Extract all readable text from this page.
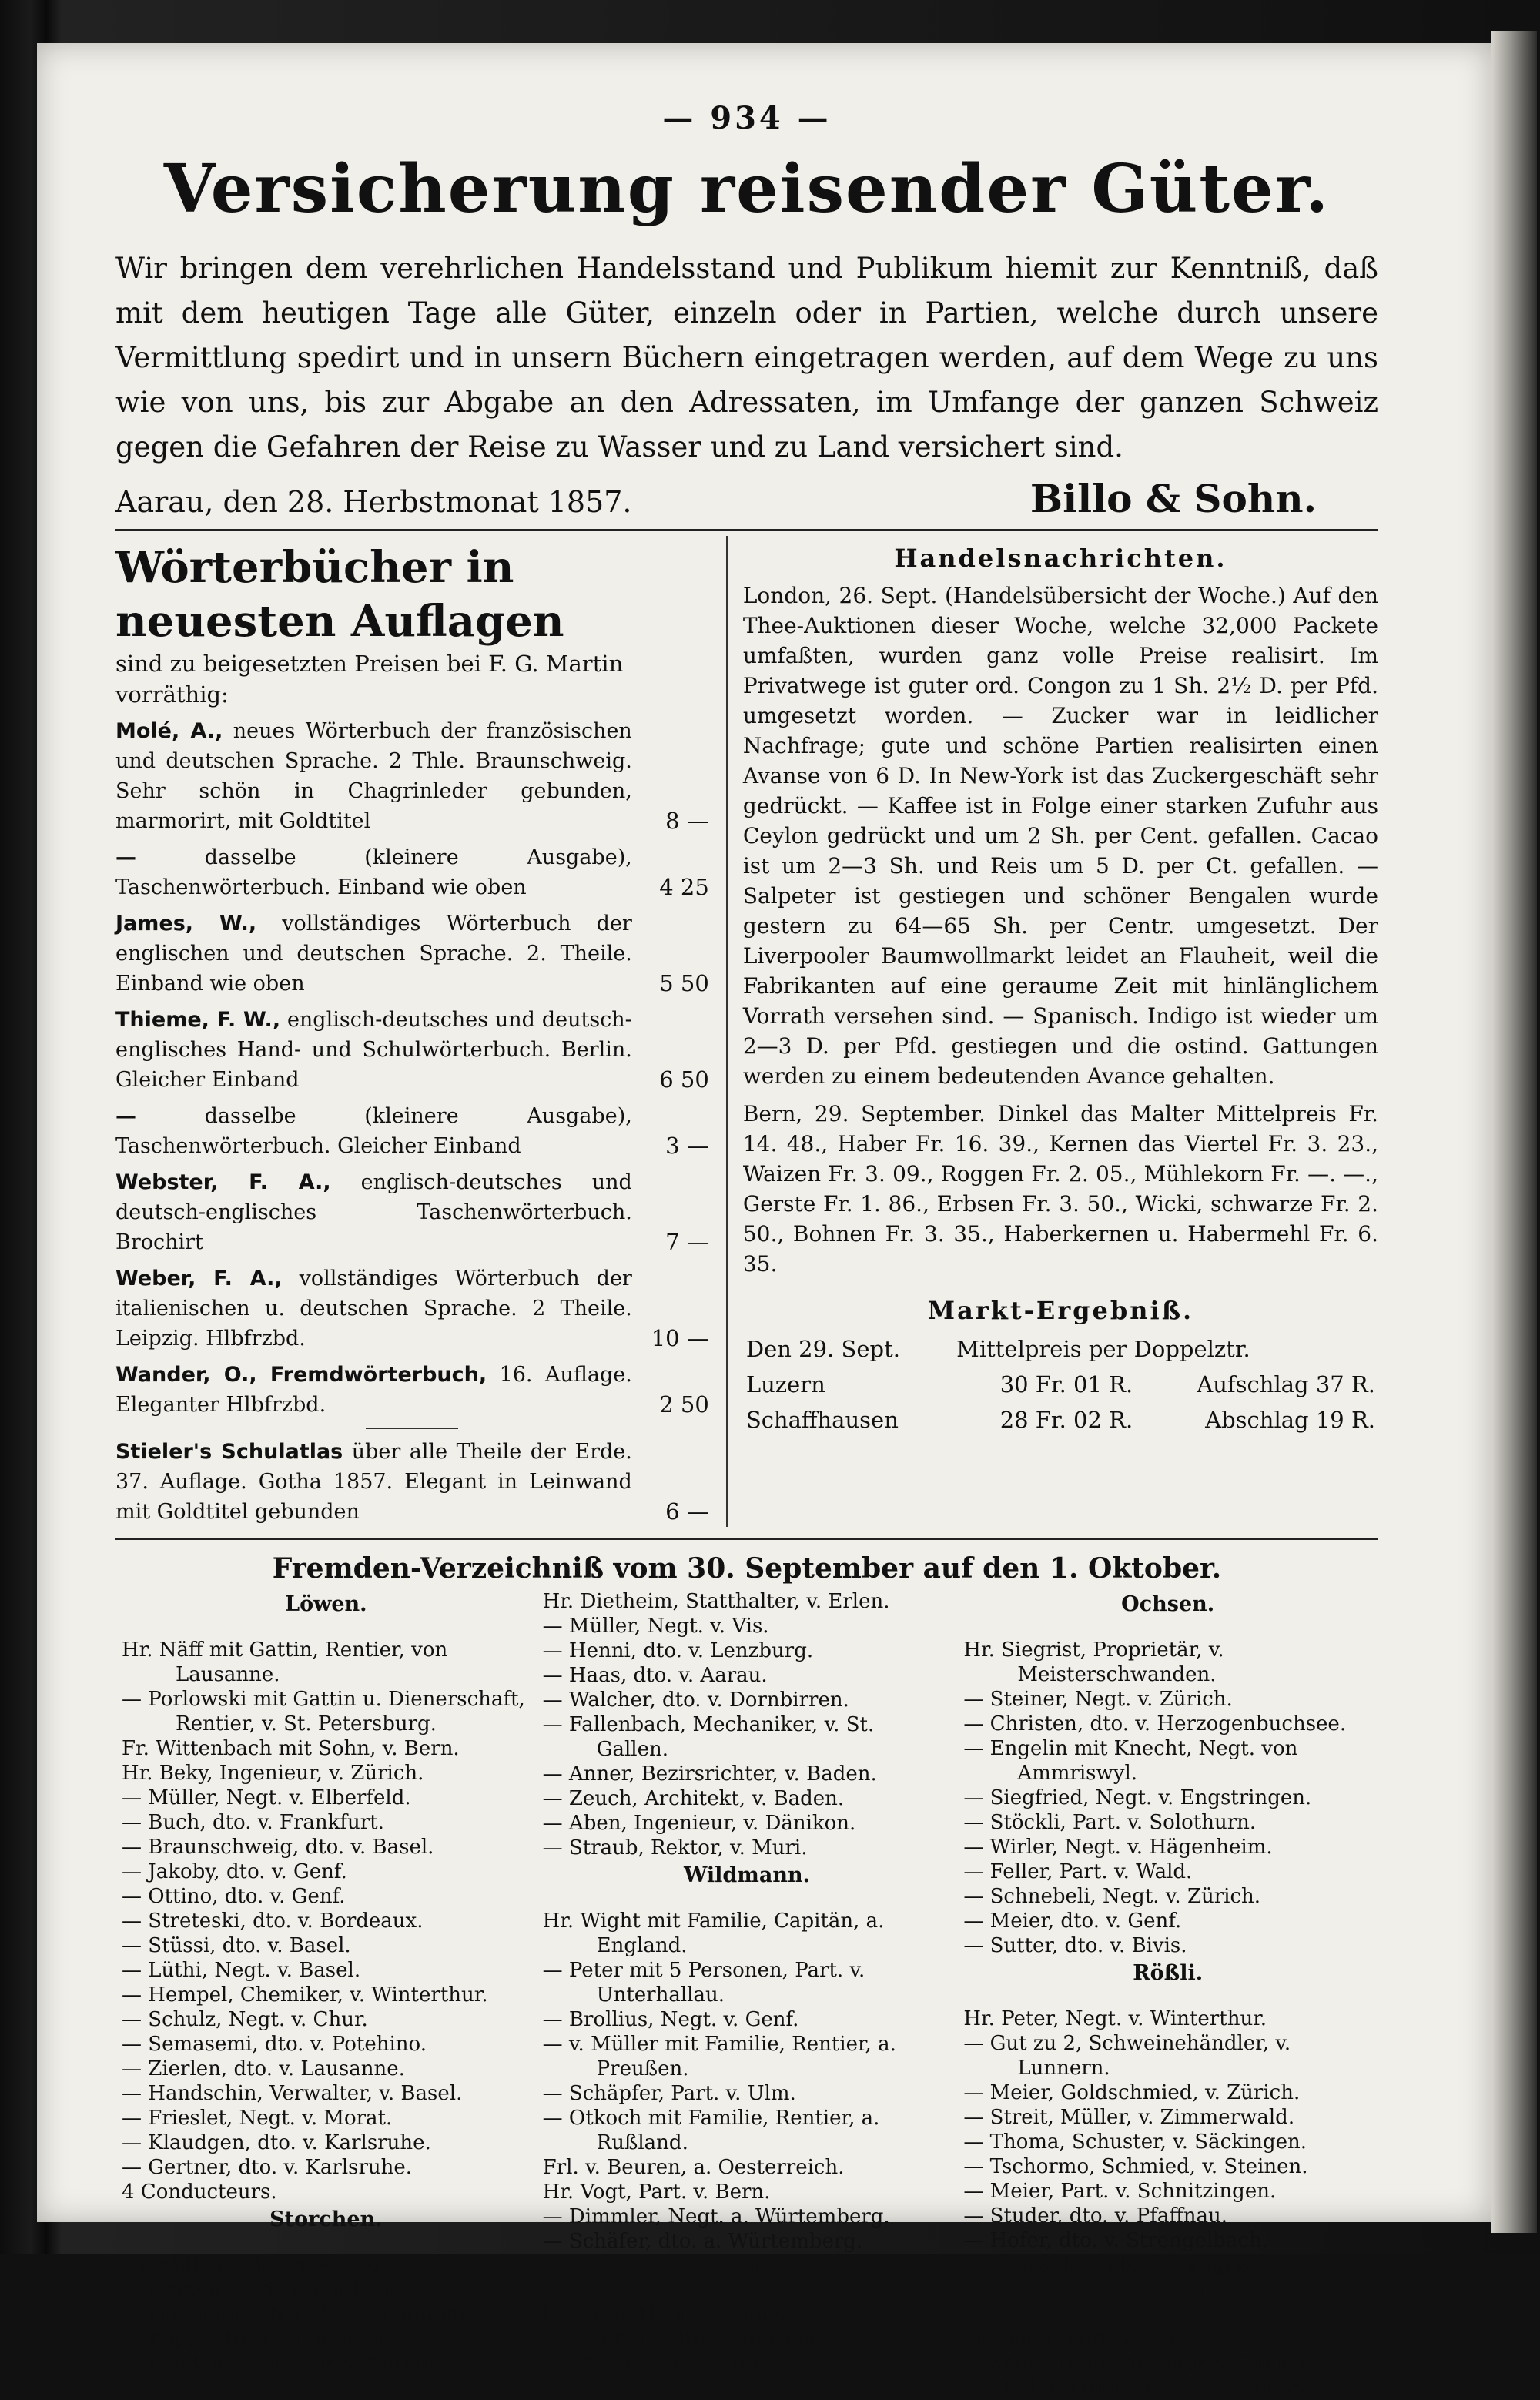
— 934 —
Versicherung reisender Güter.
Wir bringen dem verehrlichen Handelsstand und Publikum hiemit zur Kenntniß, daß mit dem heutigen Tage alle Güter, einzeln oder in Partien, welche durch unsere Vermittlung spedirt und in unsern Büchern eingetragen werden, auf dem Wege zu uns wie von uns, bis zur Abgabe an den Adressaten, im Umfange der ganzen Schweiz gegen die Gefahren der Reise zu Wasser und zu Land versichert sind.
Aarau, den 28. Herbstmonat 1857.	Billo & Sohn.
Wörterbücher in neuesten Auflagen
sind zu beigesetzten Preisen bei F. G. Martin vorräthig:
Molé, A., neues Wörterbuch der französischen und deutschen Sprache. 2 Thle. Braunschweig. Sehr schön in Chagrinleder gebunden, marmorirt, mit Goldtitel	8 —
—	dasselbe (kleinere Ausgabe), Taschenwörterbuch. Einband wie oben	4 25
James, W., vollständiges Wörterbuch der englischen und deutschen Sprache. 2. Theile. Einband wie oben	5 50
Thieme, F. W., englisch-deutsches und deutsch-englisches Hand- und Schulwörterbuch. Berlin. Gleicher Einband	6 50
—	dasselbe (kleinere Ausgabe), Taschenwörterbuch. Gleicher Einband	3 —
Webster, F. A., englisch-deutsches und deutsch-englisches Taschenwörterbuch. Brochirt	7 —
Weber, F. A., vollständiges Wörterbuch der italienischen u. deutschen Sprache. 2 Theile. Leipzig. Hlbfrzbd.	10 —
Wander, O., Fremdwörterbuch, 16. Auflage. Eleganter Hlbfrzbd.	2 50
Stieler's Schulatlas über alle Theile der Erde. 37. Auflage. Gotha 1857. Elegant in Leinwand mit Goldtitel gebunden	6 —
Handelsnachrichten.
London, 26. Sept. (Handelsübersicht der Woche.) Auf den Thee-Auktionen dieser Woche, welche 32,000 Packete umfaßten, wurden ganz volle Preise realisirt. Im Privatwege ist guter ord. Congon zu 1 Sh. 2½ D. per Pfd. umgesetzt worden. — Zucker war in leidlicher Nachfrage; gute und schöne Partien realisirten einen Avanse von 6 D. In New-York ist das Zuckergeschäft sehr gedrückt. — Kaffee ist in Folge einer starken Zufuhr aus Ceylon gedrückt und um 2 Sh. per Cent. gefallen. Cacao ist um 2—3 Sh. und Reis um 5 D. per Ct. gefallen. — Salpeter ist gestiegen und schöner Bengalen wurde gestern zu 64—65 Sh. per Centr. umgesetzt. Der Liverpooler Baumwollmarkt leidet an Flauheit, weil die Fabrikanten auf eine geraume Zeit mit hinlänglichem Vorrath versehen sind. — Spanisch. Indigo ist wieder um 2—3 D. per Pfd. gestiegen und die ostind. Gattungen werden zu einem bedeutenden Avance gehalten.
Bern, 29. September. Dinkel das Malter Mittelpreis Fr. 14. 48., Haber Fr. 16. 39., Kernen das Viertel Fr. 3. 23., Waizen Fr. 3. 09., Roggen Fr. 2. 05., Mühlekorn Fr. —. —., Gerste Fr. 1. 86., Erbsen Fr. 3. 50., Wicki, schwarze Fr. 2. 50., Bohnen Fr. 3. 35., Haberkernen u. Habermehl Fr. 6. 35.
Markt-Ergebniß.
Den 29. Sept.	Mittelpreis per Doppelztr.	
Luzern	30 Fr. 01 R.	Aufschlag 37 R.
Schaffhausen	28 Fr. 02 R.	Abschlag 19 R.
Fremden-Verzeichniß vom 30. September auf den 1. Oktober.

Löwen.

Hr. Näff mit Gattin, Rentier, von Lausanne.

— Porlowski mit Gattin u. Dienerschaft, Rentier, v. St. Petersburg.

Fr. Wittenbach mit Sohn, v. Bern.

Hr. Beky, Ingenieur, v. Zürich.

— Müller, Negt. v. Elberfeld.

— Buch, dto. v. Frankfurt.

— Braunschweig, dto. v. Basel.

— Jakoby, dto. v. Genf.

— Ottino, dto. v. Genf.

— Streteski, dto. v. Bordeaux.

— Stüssi, dto. v. Basel.

— Lüthi, Negt. v. Basel.

— Hempel, Chemiker, v. Winterthur.

— Schulz, Negt. v. Chur.

— Semasemi, dto. v. Potehino.

— Zierlen, dto. v. Lausanne.

— Handschin, Verwalter, v. Basel.

— Frieslet, Negt. v. Morat.

— Klaudgen, dto. v. Karlsruhe.

— Gertner, dto. v. Karlsruhe.

4 Conducteurs.

Storchen.

Hr. Müller, Oberst, v. Zug.

— Hertlin, Part. v. Trüllikon.

— Haggenmacher, dto. v. Lanffohr.

— Kopp, dto. v. Frauenfeld.

— Landolt, Professor, v. Zürich.

Hr. Dietheim, Statthalter, v. Erlen.

— Müller, Negt. v. Vis.

— Henni, dto. v. Lenzburg.

— Haas, dto. v. Aarau.

— Walcher, dto. v. Dornbirren.

— Fallenbach, Mechaniker, v. St. Gallen.

— Anner, Bezirsrichter, v. Baden.

— Zeuch, Architekt, v. Baden.

— Aben, Ingenieur, v. Dänikon.

— Straub, Rektor, v. Muri.

Wildmann.

Hr. Wight mit Familie, Capitän, a. England.

— Peter mit 5 Personen, Part. v. Unterhallau.

— Brollius, Negt. v. Genf.

— v. Müller mit Familie, Rentier, a. Preußen.

— Schäpfer, Part. v. Ulm.

— Otkoch mit Familie, Rentier, a. Rußland.

Frl. v. Beuren, a. Oesterreich.

Hr. Vogt, Part. v. Bern.

— Dimmler, Negt. a. Würtemberg.

— Schäfer, dto. a. Würtemberg.

Krone.

Hr. Tuor, Negt. v. Somvir.

— Leuthold, dto. v. Horgen.

— Weber, dto. v. Zürich.

Ochsen.

Hr. Siegrist, Proprietär, v. Meisterschwanden.

— Steiner, Negt. v. Zürich.

— Christen, dto. v. Herzogenbuchsee.

— Engelin mit Knecht, Negt. von Ammriswyl.

— Siegfried, Negt. v. Engstringen.

— Stöckli, Part. v. Solothurn.

— Wirler, Negt. v. Hägenheim.

— Feller, Part. v. Wald.

— Schnebeli, Negt. v. Zürich.

— Meier, dto. v. Genf.

— Sutter, dto. v. Bivis.

Rößli.

Hr. Peter, Negt. v. Winterthur.

— Gut zu 2, Schweinehändler, v. Lunnern.

— Meier, Goldschmied, v. Zürich.

— Streit, Müller, v. Zimmerwald.

— Thoma, Schuster, v. Säckingen.

— Tschormo, Schmied, v. Steinen.

— Meier, Part. v. Schnitzingen.

— Studer, dto. v. Pfaffnau.

— Hofer, dto. v. Strengelbach.

— Aespacher, dto. v. Langnau.

Schwert.

Hr. Jäger, Part. v. Zeihen.

— Senn, Tunnelarbeiter, v. Zürich.

— Müller, Mühlemacher, v. Schwyz.
